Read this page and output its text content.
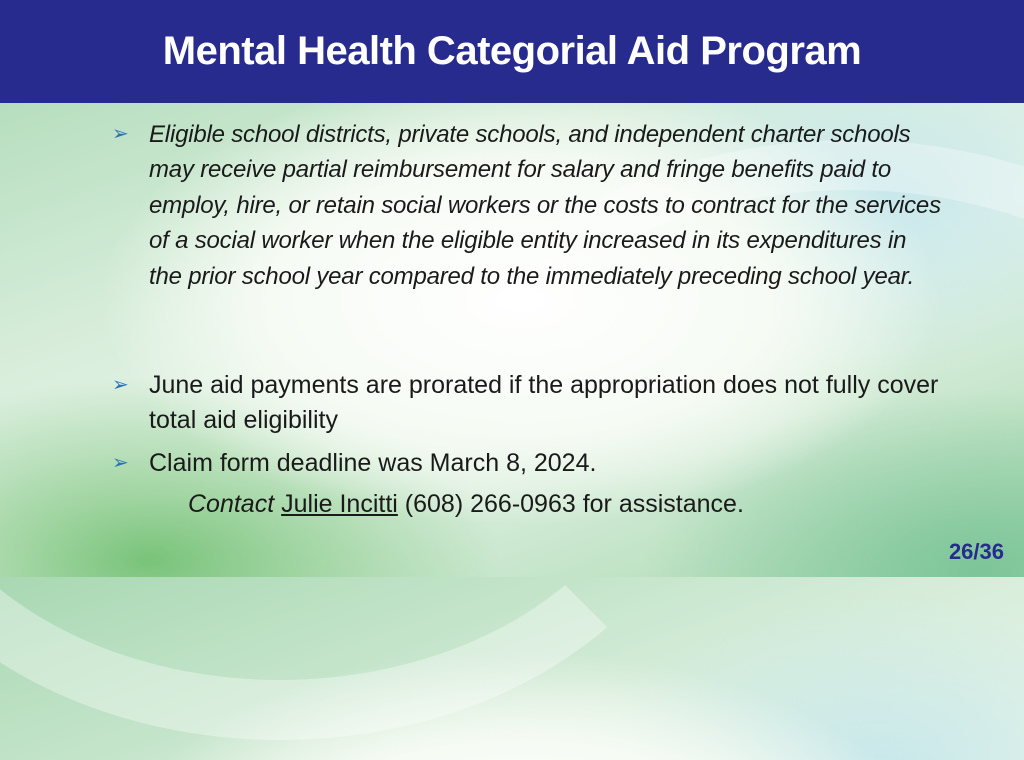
Mental Health Categorial Aid Program
➢ Eligible school districts, private schools, and independent charter schools may receive partial reimbursement for salary and fringe benefits paid to employ, hire, or retain social workers or the costs to contract for the services of a social worker when the eligible entity increased in its expenditures in the prior school year compared to the immediately preceding school year.
➢ June aid payments are prorated if the appropriation does not fully cover total aid eligibility
➢ Claim form deadline was March 8, 2024.
Contact Julie Incitti (608) 266-0963 for assistance.
26/36
